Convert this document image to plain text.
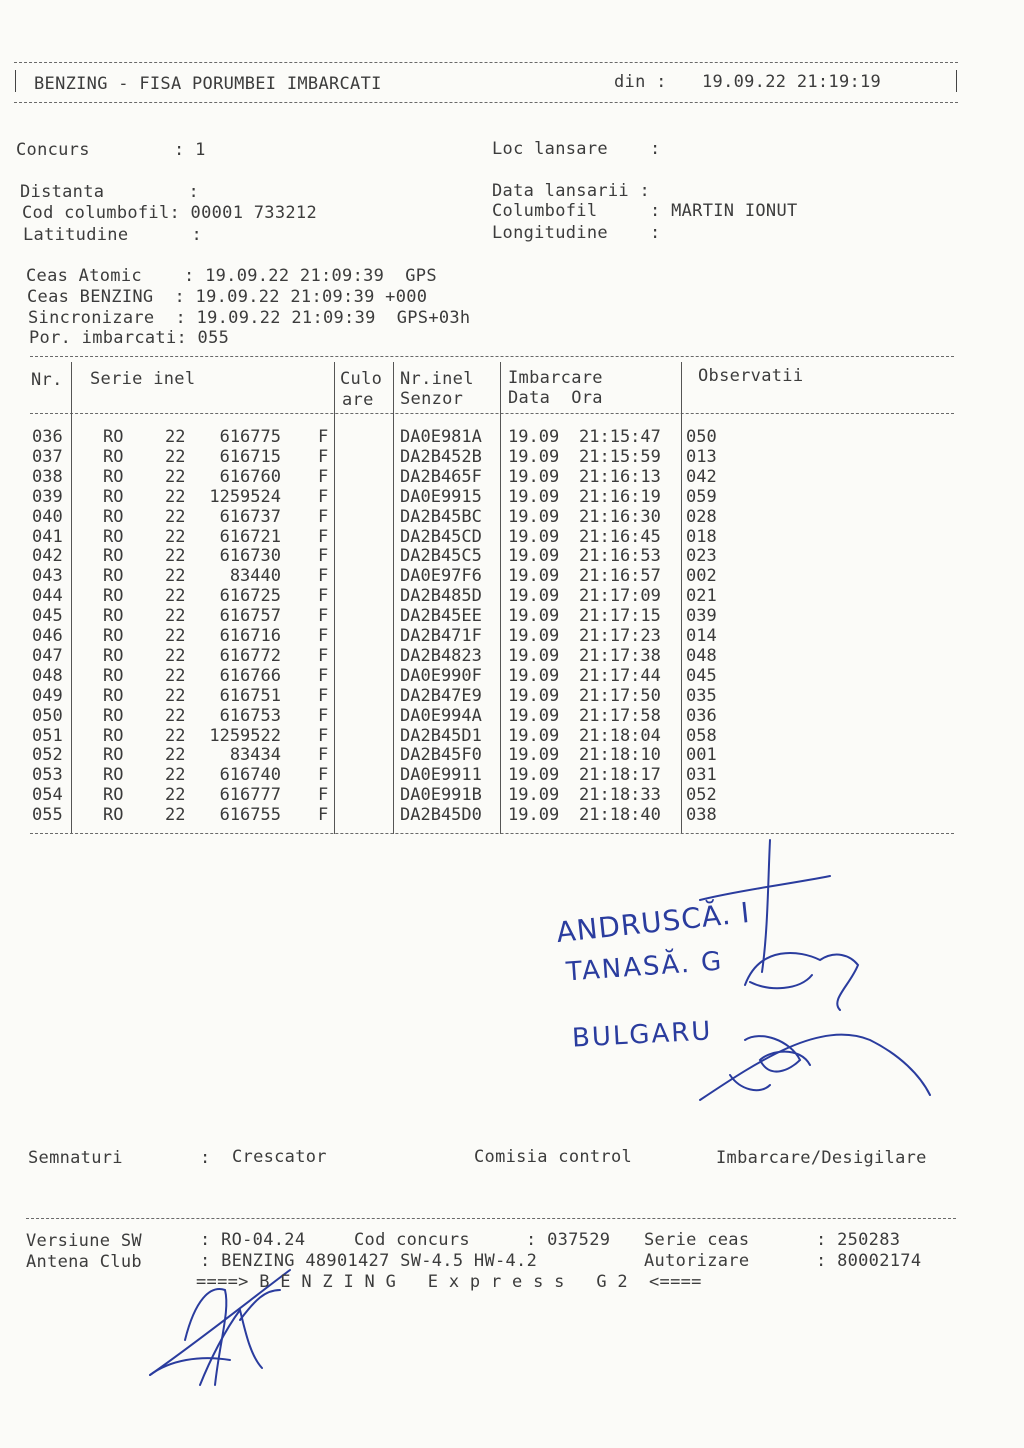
BENZING - FISA PORUMBEI IMBARCATI	din : 19.09.22 21:19:19
Concurs        : 1	Loc lansare    :
Distanta        :	Data lansarii :
Cod columbofil: 00001 733212	Columbofil     : MARTIN IONUT
Latitudine      :	Longitudine    :
Ceas Atomic    : 19.09.22 21:09:39  GPS
Ceas BENZING  : 19.09.22 21:09:39 +000
Sincronizare  : 19.09.22 21:09:39  GPS+03h
Por. imbarcati: 055
Nr. Serie inel	Culo
are
Nr.inel
Senzor
Imbarcare
Data  Ora
Observatii
036 RO 22 616775 F	DA0E981A 19.09 21:15:47 050
037 RO 22 616715 F	DA2B452B 19.09 21:15:59 013
038 RO 22 616760 F	DA2B465F 19.09 21:16:13 042
039 RO 22 1259524 F	DA0E9915 19.09 21:16:19 059
040 RO 22 616737 F	DA2B45BC 19.09 21:16:30 028
041 RO 22 616721 F	DA2B45CD 19.09 21:16:45 018
042 RO 22 616730 F	DA2B45C5 19.09 21:16:53 023
043 RO 22	83440 F	DA0E97F6 19.09 21:16:57 002
044 RO 22 616725 F	DA2B485D 19.09 21:17:09 021
045 RO 22 616757 F	DA2B45EE 19.09 21:17:15 039
046 RO 22 616716 F	DA2B471F 19.09 21:17:23 014
047 RO 22 616772 F	DA2B4823 19.09 21:17:38 048
048 RO 22 616766 F	DA0E990F 19.09 21:17:44 045
049 RO 22 616751 F	DA2B47E9 19.09 21:17:50 035
050 RO 22 616753 F	DA0E994A 19.09 21:17:58 036
051 RO 22 1259522 F	DA2B45D1 19.09 21:18:04 058
052 RO 22	83434 F	DA2B45F0 19.09 21:18:10 001
053 RO 22 616740 F	DA0E9911 19.09 21:18:17 031
054 RO 22 616777 F	DA0E991B 19.09 21:18:33 052
055 RO 22 616755 F	DA2B45D0 19.09 21:18:40 038
ANDRUSCĂ. I
TANASĂ. G
BULGARU
Semnaturi	: Crescator	Comisia control	Imbarcare/Desigilare
Versiune SW	: RO-04.24	Cod concurs	: 037529 Serie ceas	: 250283
Antena Club	: BENZING 48901427 SW-4.5 HW-4.2	Autorizare	: 80002174
====> B E N Z I N G   E x p r e s s   G 2  <====
